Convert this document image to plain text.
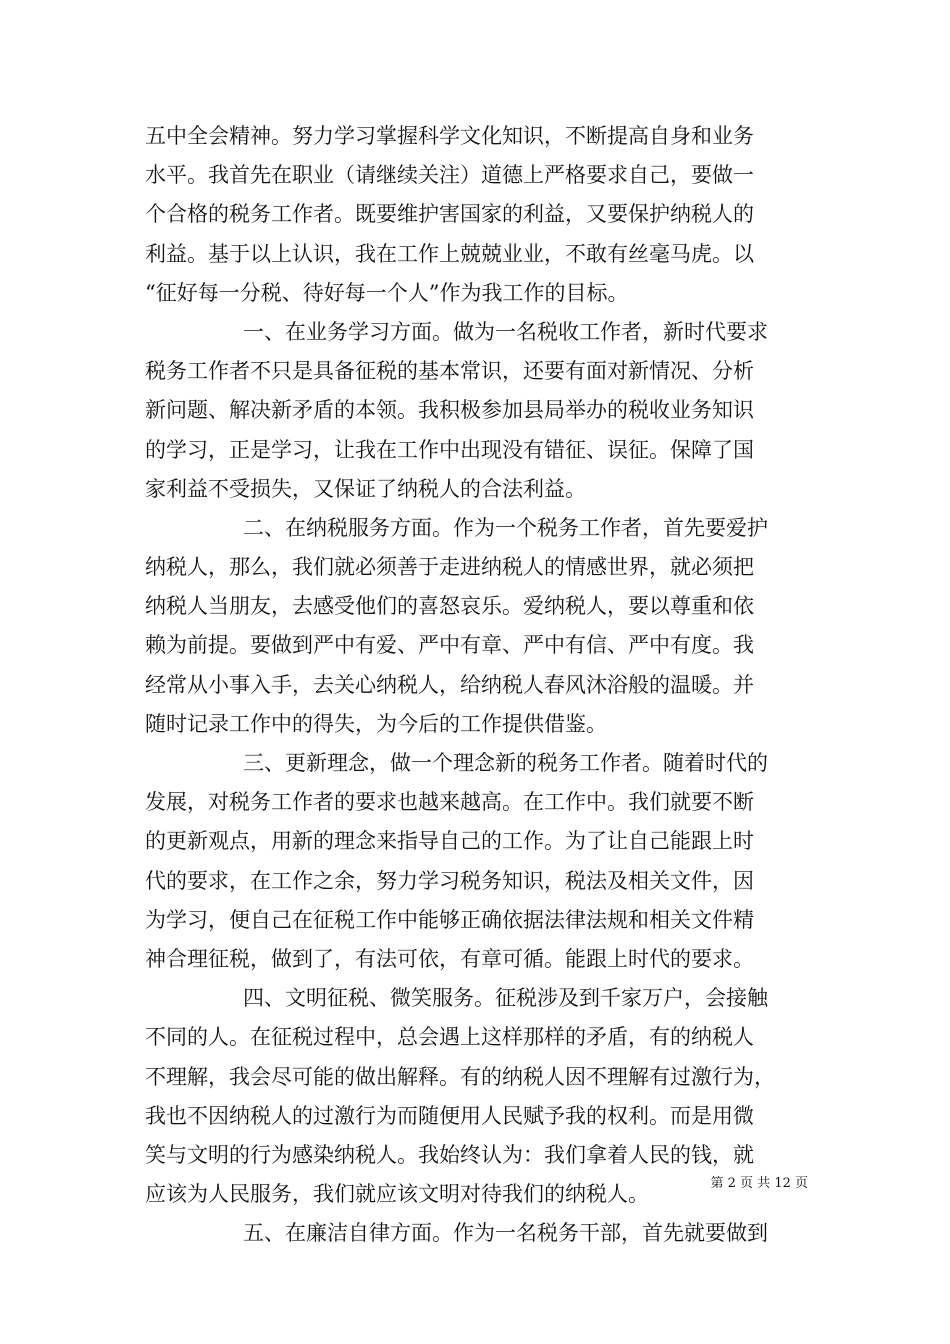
五中全会精神。努力学习掌握科学文化知识，不断提高自身和业务
水平。我首先在职业（请继续关注）道德上严格要求自己，要做一
个合格的税务工作者。既要维护害国家的利益，又要保护纳税人的
利益。基于以上认识，我在工作上兢兢业业，不敢有丝毫马虎。以
“征好每一分税、待好每一个人”作为我工作的目标。
一、在业务学习方面。做为一名税收工作者，新时代要求
税务工作者不只是具备征税的基本常识，还要有面对新情况、分析
新问题、解决新矛盾的本领。我积极参加县局举办的税收业务知识
的学习，正是学习，让我在工作中出现没有错征、误征。保障了国
家利益不受损失，又保证了纳税人的合法利益。
二、在纳税服务方面。作为一个税务工作者，首先要爱护
纳税人，那么，我们就必须善于走进纳税人的情感世界，就必须把
纳税人当朋友，去感受他们的喜怒哀乐。爱纳税人，要以尊重和依
赖为前提。要做到严中有爱、严中有章、严中有信、严中有度。我
经常从小事入手，去关心纳税人，给纳税人春风沐浴般的温暖。并
随时记录工作中的得失，为今后的工作提供借鉴。
三、更新理念，做一个理念新的税务工作者。随着时代的
发展，对税务工作者的要求也越来越高。在工作中。我们就要不断
的更新观点，用新的理念来指导自己的工作。为了让自己能跟上时
代的要求，在工作之余，努力学习税务知识，税法及相关文件，因
为学习，便自己在征税工作中能够正确依据法律法规和相关文件精
神合理征税，做到了，有法可依，有章可循。能跟上时代的要求。
四、文明征税、微笑服务。征税涉及到千家万户，会接触
不同的人。在征税过程中，总会遇上这样那样的矛盾，有的纳税人
不理解，我会尽可能的做出解释。有的纳税人因不理解有过激行为，
我也不因纳税人的过激行为而随便用人民赋予我的权利。而是用微
笑与文明的行为感染纳税人。我始终认为：我们拿着人民的钱，就
应该为人民服务，我们就应该文明对待我们的纳税人。
五、在廉洁自律方面。作为一名税务干部，首先就要做到
第 2 页 共 12 页
